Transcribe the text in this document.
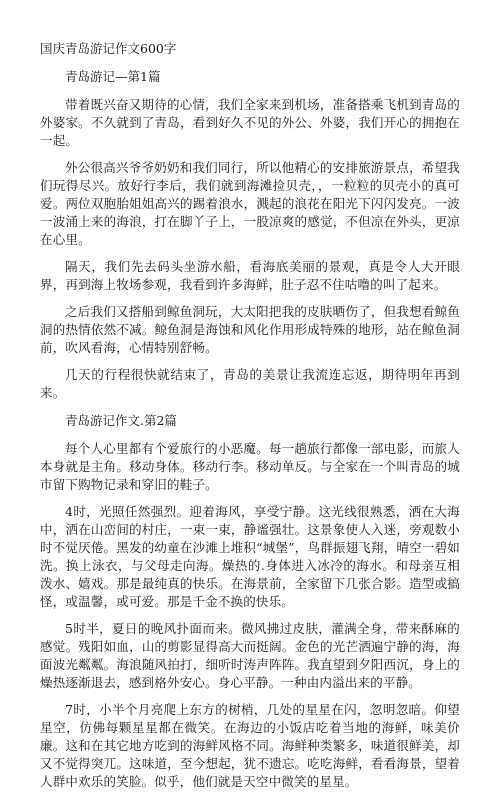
国庆青岛游记作文600字
青岛游记—第1篇

带着既兴奋又期待的心情，我们全家来到机场，准备搭乘飞机到青岛的外婆家。不久就到了青岛，看到好久不见的外公、外婆，我们开心的拥抱在一起。

外公很高兴爷爷奶奶和我们同行，所以他精心的安排旅游景点，希望我们玩得尽兴。放好行李后，我们就到海滩捡贝壳，，一粒粒的贝壳小的真可爱。两位双胞胎姐姐高兴的踢着浪水，溅起的浪花在阳光下闪闪发亮。一波一波涌上来的海浪，打在脚丫子上，一股凉爽的感觉，不但凉在外头，更凉在心里。

隔天，我们先去码头坐游水船，看海底美丽的景观，真是令人大开眼界，再到海上牧场参观，我看到许多海鲜，肚子忍不住咕噜的叫了起来。

之后我们又搭船到鲸鱼洞玩，大太阳把我的皮肤晒伤了，但我想看鲸鱼洞的热情依然不减。鲸鱼洞是海蚀和风化作用形成特殊的地形，站在鲸鱼洞前，吹风看海，心情特别舒畅。

几天的行程很快就结束了，青岛的美景让我流连忘返，期待明年再到来。

青岛游记作文.第2篇

每个人心里都有个爱旅行的小恶魔。每一趟旅行都像一部电影，而旅人本身就是主角。移动身体。移动行李。移动单反。与全家在一个叫青岛的城市留下购物记录和穿旧的鞋子。

4时，光照任然强烈。迎着海风，享受宁静。这光线很熟悉，洒在大海中，洒在山峦间的村庄，一束一束，静谧强壮。这景象使人入迷，旁观数小时不觉厌倦。黑发的幼童在沙滩上堆积“城堡”，鸟群振翅飞翔，晴空一碧如洗。换上泳衣，与父母走向海。燥热的.身体进入冰冷的海水。和母亲互相泼水、嬉戏。那是最纯真的快乐。在海景前，全家留下几张合影。造型或搞怪，或温馨，或可爱。那是千金不换的快乐。

5时半，夏日的晚风扑面而来。微风拂过皮肤，灌满全身，带来酥麻的感觉。残阳如血，山的剪影显得高大而挺阔。金色的光芒洒遍宁静的海，海面波光粼粼。海浪随风拍打，细听时涛声阵阵。我直望到夕阳西沉，身上的燥热逐渐退去，感到格外安心。身心平静。一种由内溢出来的平静。

7时，小半个月亮爬上东方的树梢，几处的星星在闪，忽明忽暗。仰望星空，仿佛每颗星星都在微笑。在海边的小饭店吃着当地的海鲜，味美价廉。这和在其它地方吃到的海鲜风格不同。海鲜种类繁多，味道很鲜美，却又不觉得突兀。这味道，至今想起，犹不遗忘。吃吃海鲜，看看海景，望着人群中欢乐的笑脸。似乎，他们就是天空中微笑的星星。
